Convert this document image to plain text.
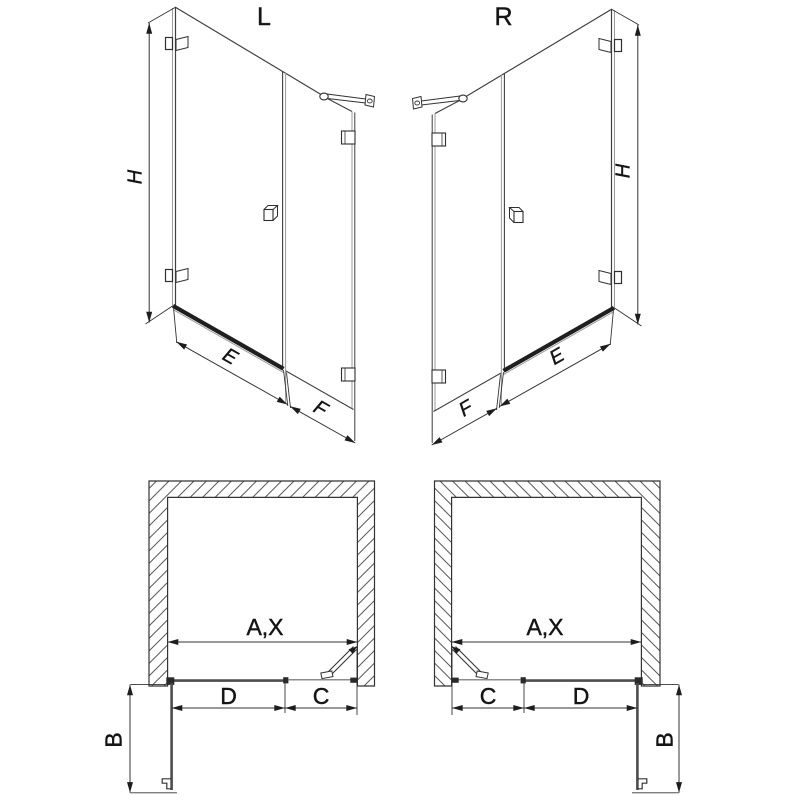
L
H
E
F
R
H
E
F
A,X
D	C
B
A,X
C	D
B
